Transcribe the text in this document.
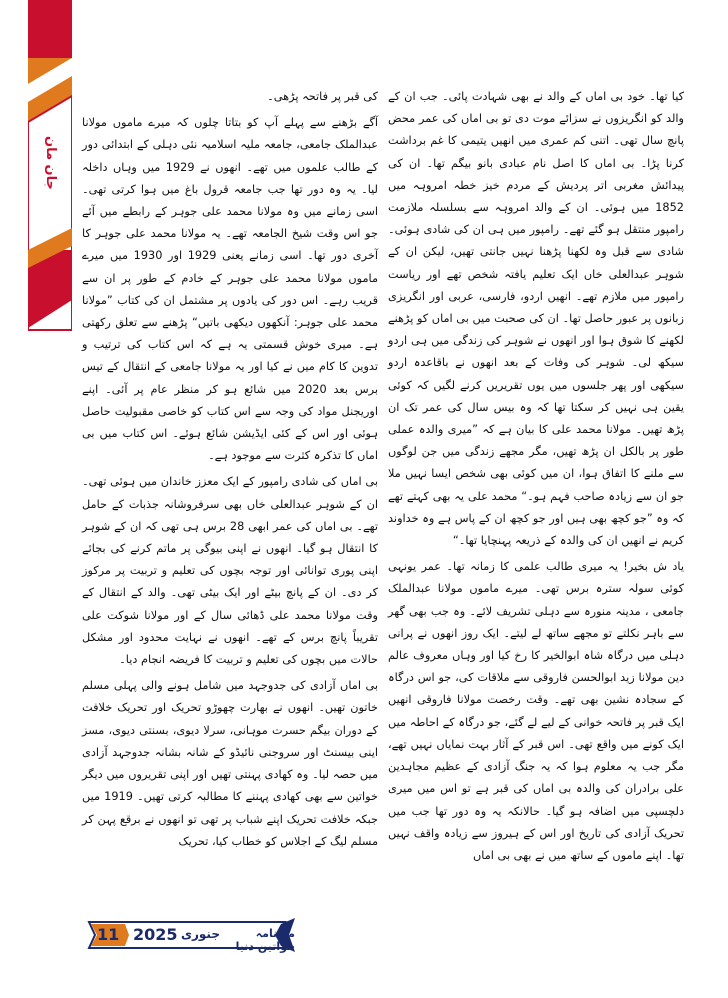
جان مان

کیا تھا۔ خود بی اماں کے والد نے بھی شہادت پائی۔ جب ان کے والد کو انگریزوں نے سزائے موت دی تو بی اماں کی عمر محض پانچ سال تھی۔ اتنی کم عمری میں انھیں یتیمی کا غم برداشت کرنا پڑا۔ بی اماں کا اصل نام عبادی بانو بیگم تھا۔ ان کی پیدائش مغربی اتر پردیش کے مردم خیز خطہ امروہہ میں 1852 میں ہوئی۔ ان کے والد امروہہ سے بسلسلہ ملازمت رامپور منتقل ہو گئے تھے۔ رامپور میں ہی ان کی شادی ہوئی۔ شادی سے قبل وہ لکھنا پڑھنا نہیں جانتی تھیں، لیکن ان کے شوہر عبدالعلی خاں ایک تعلیم یافتہ شخص تھے اور ریاست رامپور میں ملازم تھے۔ انھیں اردو، فارسی، عربی اور انگریزی زبانوں پر عبور حاصل تھا۔ ان کی صحبت میں بی اماں کو پڑھنے لکھنے کا شوق ہوا اور انھوں نے شوہر کی زندگی میں ہی اردو سیکھ لی۔ شوہر کی وفات کے بعد انھوں نے باقاعدہ اردو سیکھی اور پھر جلسوں میں یوں تقریریں کرنے لگیں کہ کوئی یقین ہی نہیں کر سکتا تھا کہ وہ بیس سال کی عمر تک ان پڑھ تھیں۔ مولانا محمد علی کا بیان ہے کہ ”میری والدہ عملی طور پر بالکل ان پڑھ تھیں، مگر مجھے زندگی میں جن لوگوں سے ملنے کا اتفاق ہوا، ان میں کوئی بھی شخص ایسا نہیں ملا جو ان سے زیادہ صاحب فہم ہو۔“ محمد علی یہ بھی کہتے تھے کہ وہ ”جو کچھ بھی ہیں اور جو کچھ ان کے پاس ہے وہ خداوند کریم نے انھیں ان کی والدہ کے ذریعہ پہنچایا تھا۔“

یاد ش بخیر! یہ میری طالب علمی کا زمانہ تھا۔ عمر یونہی کوئی سولہ سترہ برس تھی۔ میرے ماموں مولانا عبدالملک جامعی ، مدینہ منورہ سے دہلی تشریف لائے۔ وہ جب بھی گھر سے باہر نکلتے تو مجھے ساتھ لے لیتے۔ ایک روز انھوں نے پرانی دہلی میں درگاہ شاہ ابوالخیر کا رخ کیا اور وہاں معروف عالم دین مولانا زید ابوالحسن فاروقی سے ملاقات کی، جو اس درگاہ کے سجادہ نشین بھی تھے۔ وقت رخصت مولانا فاروقی انھیں ایک قبر پر فاتحہ خوانی کے لیے لے گئے، جو درگاہ کے احاطہ میں ایک کونے میں واقع تھی۔ اس قبر کے آثار بہت نمایاں نہیں تھے، مگر جب یہ معلوم ہوا کہ یہ جنگ آزادی کے عظیم مجاہدین علی برادران کی والدہ بی اماں کی قبر ہے تو اس میں میری دلچسپی میں اضافہ ہو گیا۔ حالانکہ یہ وہ دور تھا جب میں تحریک آزادی کی تاریخ اور اس کے ہیروز سے زیادہ واقف نہیں تھا۔ اپنے ماموں کے ساتھ میں نے بھی بی اماں

کی قبر پر فاتحہ پڑھی۔

آگے بڑھنے سے پہلے آپ کو بتاتا چلوں کہ میرے ماموں مولانا عبدالملک جامعی، جامعہ ملیہ اسلامیہ نئی دہلی کے ابتدائی دور کے طالب علموں میں تھے۔ انھوں نے 1929 میں وہاں داخلہ لیا۔ یہ وہ دور تھا جب جامعہ قرول باغ میں ہوا کرتی تھی۔ اسی زمانے میں وہ مولانا محمد علی جوہر کے رابطے میں آئے جو اس وقت شیخ الجامعہ تھے۔ یہ مولانا محمد علی جوہر کا آخری دور تھا۔ اسی زمانے یعنی 1929 اور 1930 میں میرے ماموں مولانا محمد علی جوہر کے خادم کے طور پر ان سے قریب رہے۔ اس دور کی یادوں پر مشتمل ان کی کتاب ”مولانا محمد علی جوہر: آنکھوں دیکھی باتیں“ پڑھنے سے تعلق رکھتی ہے۔ میری خوش قسمتی یہ ہے کہ اس کتاب کی ترتیب و تدوین کا کام میں نے کیا اور یہ مولانا جامعی کے انتقال کے تیس برس بعد 2020 میں شائع ہو کر منظر عام پر آئی۔ اپنے اوریجنل مواد کی وجہ سے اس کتاب کو خاصی مقبولیت حاصل ہوئی اور اس کے کئی ایڈیشن شائع ہوئے۔ اس کتاب میں بی اماں کا تذکرہ کثرت سے موجود ہے۔

بی اماں کی شادی رامپور کے ایک معزز خاندان میں ہوئی تھی۔ ان کے شوہر عبدالعلی خاں بھی سرفروشانہ جذبات کے حامل تھے۔ بی اماں کی عمر ابھی 28 برس ہی تھی کہ ان کے شوہر کا انتقال ہو گیا۔ انھوں نے اپنی بیوگی پر ماتم کرنے کی بجائے اپنی پوری توانائی اور توجہ بچوں کی تعلیم و تربیت پر مرکوز کر دی۔ ان کے پانچ بیٹے اور ایک بیٹی تھی۔ والد کے انتقال کے وقت مولانا محمد علی ڈھائی سال کے اور مولانا شوکت علی تقریباً پانچ برس کے تھے۔ انھوں نے نہایت محدود اور مشکل حالات میں بچوں کی تعلیم و تربیت کا فریضہ انجام دیا۔

بی اماں آزادی کی جدوجہد میں شامل ہونے والی پہلی مسلم خاتون تھیں۔ انھوں نے بھارت چھوڑو تحریک اور تحریک خلافت کے دوران بیگم حسرت موہانی، سرلا دیوی، بسنتی دیوی، مسز اینی بیسنٹ اور سروجنی نائیڈو کے شانہ بشانہ جدوجہد آزادی میں حصہ لیا۔ وہ کھادی پہنتی تھیں اور اپنی تقریروں میں دیگر خواتین سے بھی کھادی پہننے کا مطالبہ کرتی تھیں۔ 1919 میں جبکہ خلافت تحریک اپنے شباب پر تھی تو انھوں نے برقع پہن کر مسلم لیگ کے اجلاس کو خطاب کیا، تحریک

11 2025 جنوری	ماہنامہ خواتین دنیا
